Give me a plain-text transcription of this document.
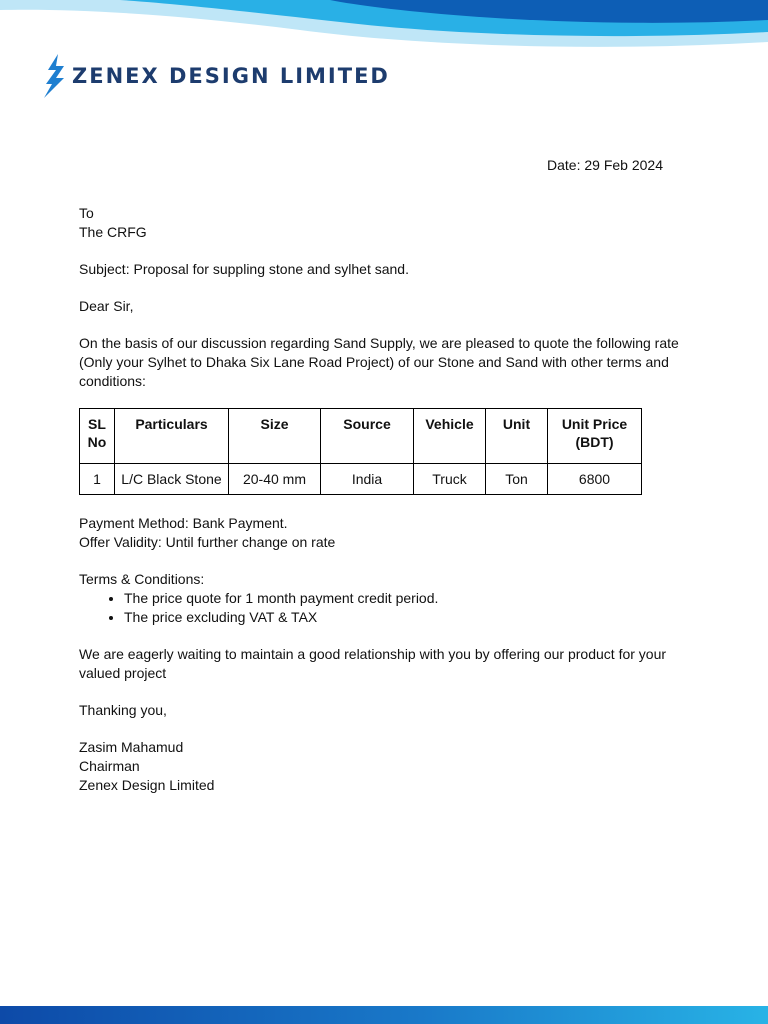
ZENEX DESIGN LIMITED
Date: 29 Feb 2024

To

The CRFG

Subject: Proposal for suppling stone and sylhet sand.

Dear Sir,

On the basis of our discussion regarding Sand Supply, we are pleased to quote the following rate (Only your Sylhet to Dhaka Six Lane Road Project) of our Stone and Sand with other terms and conditions:

SL No	Particulars	Size	Source	Vehicle	Unit	Unit Price (BDT)
1	L/C Black Stone	20-40 mm	India	Truck	Ton	6800

Payment Method: Bank Payment.

Offer Validity: Until further change on rate

Terms & Conditions:

• The price quote for 1 month payment credit period.
• The price excluding VAT & TAX

We are eagerly waiting to maintain a good relationship with you by offering our product for your valued project

Thanking you,

Zasim Mahamud

Chairman

Zenex Design Limited
